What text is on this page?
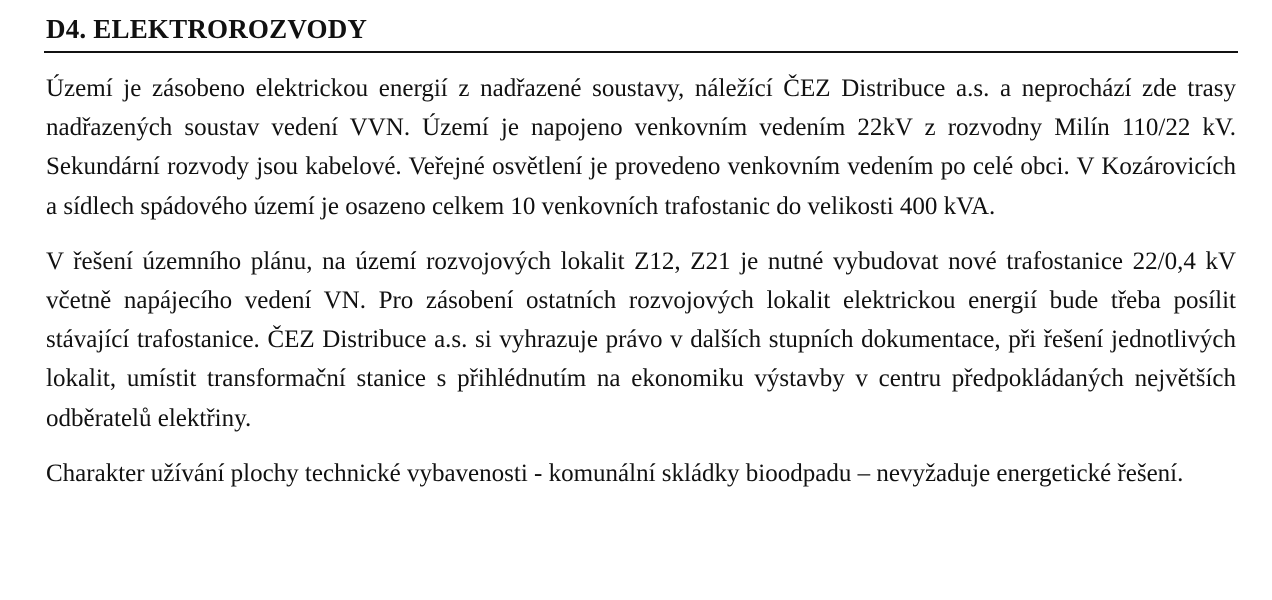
D4. ELEKTROROZVODY

Území je zásobeno elektrickou energií z nadřazené soustavy, náležící ČEZ Distribuce a.s. a neprochází zde trasy nadřazených soustav vedení VVN. Území je napojeno venkovním vedením 22kV z rozvodny Milín 110/22 kV. Sekundární rozvody jsou kabelové. Veřejné osvětlení je provedeno venkovním vedením po celé obci. V Kozárovicích a sídlech spádového území je osazeno celkem 10 venkovních trafostanic do velikosti 400 kVA.

V řešení územního plánu, na území rozvojových lokalit Z12, Z21 je nutné vybudovat nové trafostanice 22/0,4 kV včetně napájecího vedení VN. Pro zásobení ostatních rozvojových lokalit elektrickou energií bude třeba posílit stávající trafostanice. ČEZ Distribuce a.s. si vyhrazuje právo v dalších stupních dokumentace, při řešení jednotlivých lokalit, umístit transformační stanice s přihlédnutím na ekonomiku výstavby v centru předpokládaných největších odběratelů elektřiny.

Charakter užívání plochy technické vybavenosti - komunální skládky bioodpadu – nevyžaduje energetické řešení.
